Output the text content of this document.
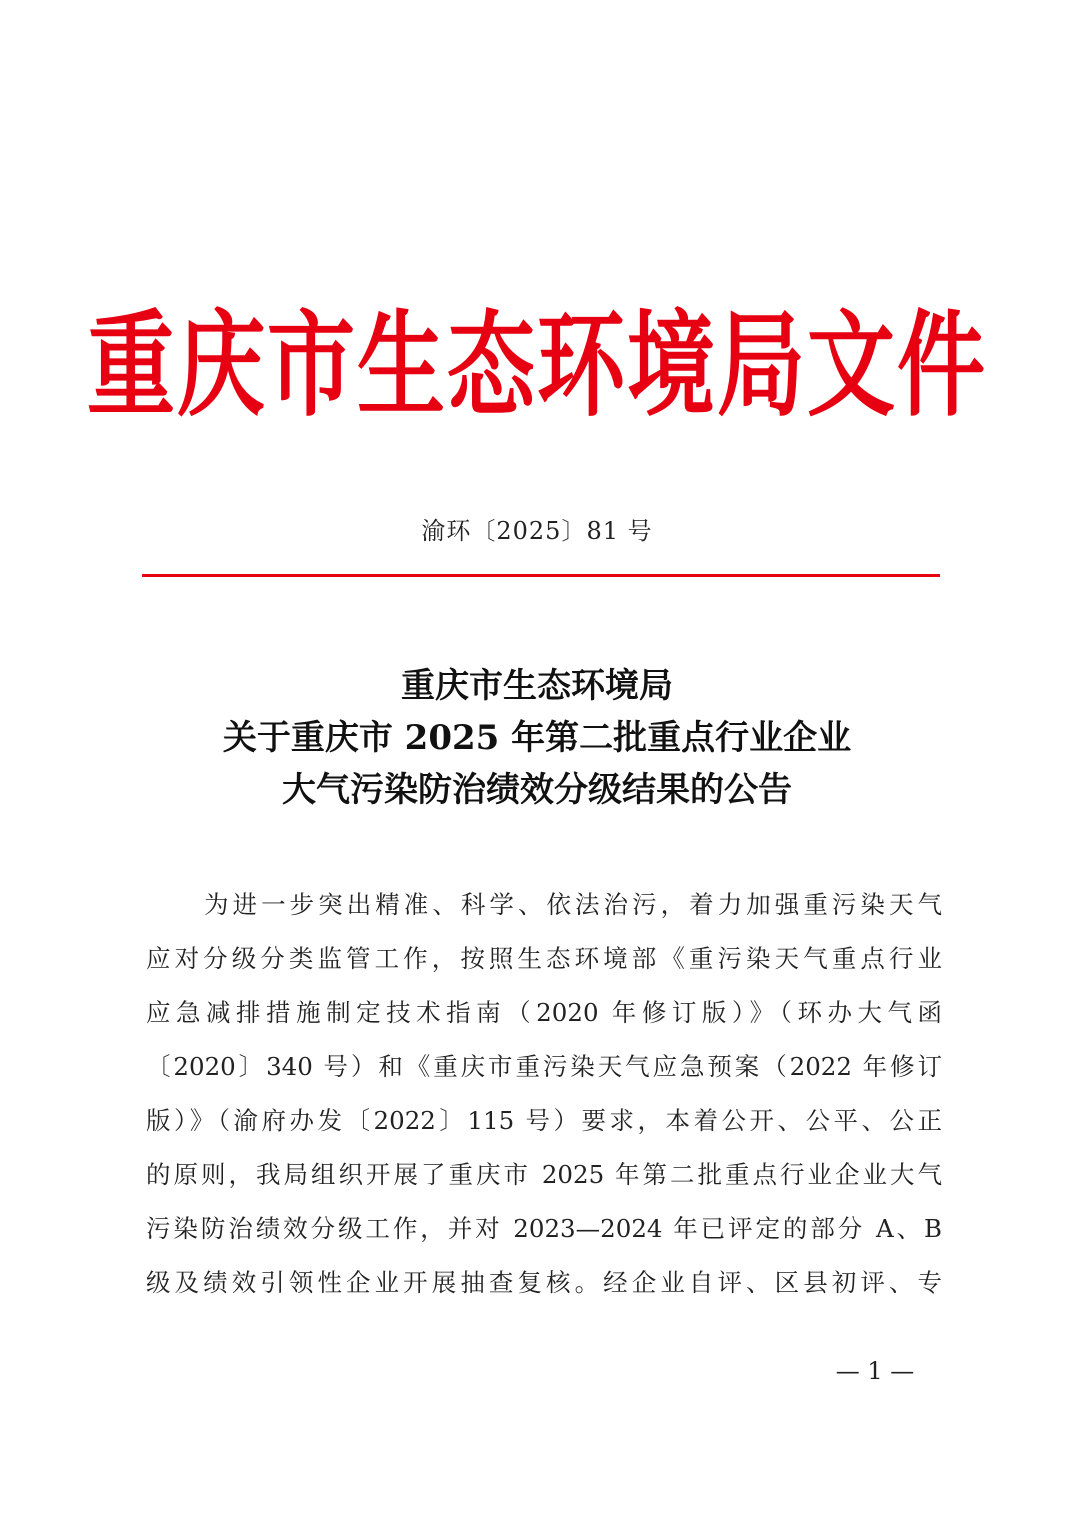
重庆市生态环境局文件
渝环〔2025〕81 号
重庆市生态环境局
关于重庆市 2025 年第二批重点行业企业
大气污染防治绩效分级结果的公告
为进一步突出精准、科学、依法治污，着力加强重污染天气
应对分级分类监管工作，按照生态环境部《重污染天气重点行业
应急减排措施制定技术指南（2020 年修订版）》（环办大气函
〔2020〕340 号）和《重庆市重污染天气应急预案（2022 年修订
版）》（渝府办发〔2022〕115 号）要求，本着公开、公平、公正
的原则，我局组织开展了重庆市 2025 年第二批重点行业企业大气
污染防治绩效分级工作，并对 2023—2024 年已评定的部分 A、B
级及绩效引领性企业开展抽查复核。经企业自评、区县初评、专
— 1 —
